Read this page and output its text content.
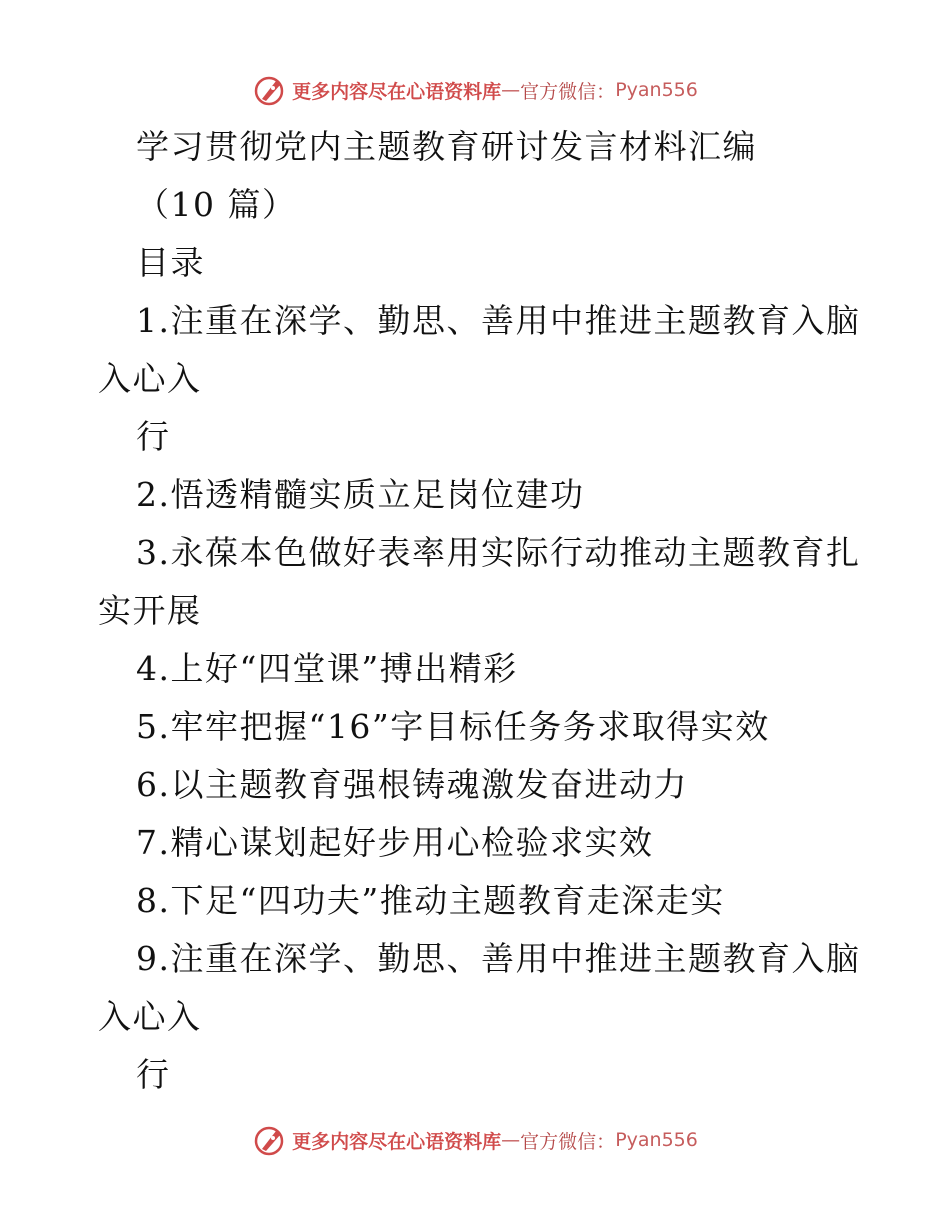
更多内容尽在心语资料库 — 官方微信： Pyan556
学习贯彻党内主题教育研讨发言材料汇编
（10 篇）
目录
1.注重在深学、勤思、善用中推进主题教育入脑
入心入
行
2.悟透精髓实质立足岗位建功
3.永葆本色做好表率用实际行动推动主题教育扎
实开展
4.上好“四堂课”搏出精彩
5.牢牢把握“16”字目标任务务求取得实效
6.以主题教育强根铸魂激发奋进动力
7.精心谋划起好步用心检验求实效
8.下足“四功夫”推动主题教育走深走实
9.注重在深学、勤思、善用中推进主题教育入脑
入心入
行
更多内容尽在心语资料库 — 官方微信： Pyan556
